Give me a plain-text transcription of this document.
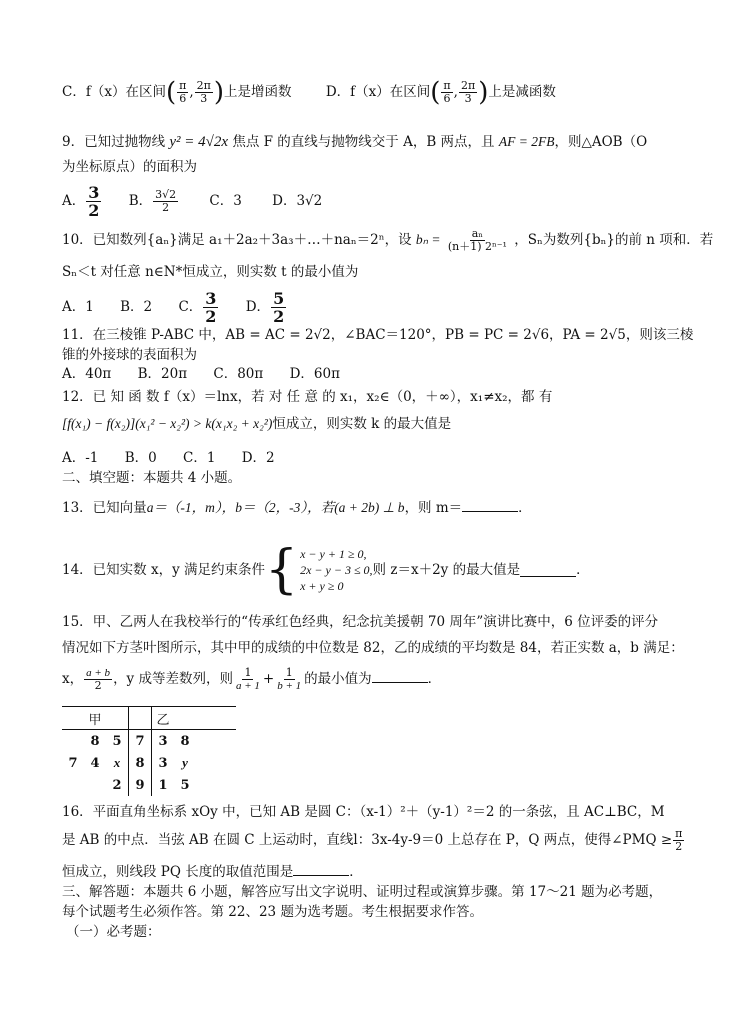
C．f（x）在区间( $\frac{\pi}{6}$ , $\frac{2\pi}{3}$ )上是增函数	D．f（x）在区间( $\frac{\pi}{6}$ , $\frac{2\pi}{3}$ )上是减函数
9．已知过抛物线 y² = 4√2x 焦点 F 的直线与抛物线交于 A，B 两点，且 AF = 2FB，则△AOB（O
为坐标原点）的面积为
A． $\frac{3}{2}$ B． $\frac{3√2}{2}$ C．3 D．3√2
10．已知数列{aₙ}满足 a₁＋2a₂＋3a₃＋…＋naₙ＝2ⁿ，设 $b_n = \frac{\text{aₙ}}{\text{(n＋1) 2ⁿ⁻¹}}$ ，Sₙ为数列{bₙ}的前 n 项和．若
Sₙ＜t 对任意 n∈N*恒成立，则实数 t 的最小值为
A．1 B．2 C． $\frac{3}{2}$ D． $\frac{5}{2}$
11．在三棱锥 P-ABC 中，AB = AC = 2√2，∠BAC＝120°，PB = PC = 2√6，PA = 2√5，则该三棱
锥的外接球的表面积为
A．40π B．20π C．80π D．60π
12．已 知 函 数 f（x）＝lnx，若 对 任 意 的 x₁，x₂∈（0，＋∞），x₁≠x₂，都 有
[f(x₁) − f(x₂)](x₁² − x₂²) > k(x₁x₂ + x₂²)恒成立，则实数 k 的最大值是
A．-1 B．0 C．1 D．2
二、填空题：本题共 4 小题。
13．已知向量a＝（-1，m），b＝（2，-3），若(a + 2b) ⊥ b，则 m＝	．
14．已知实数 x，y 满足约束条件 { x − y + 1 ≥ 0,
2x − y − 3 ≤ 0,
x + y ≥ 0
则 z＝x＋2y 的最大值是	．
15．甲、乙两人在我校举行的“传承红色经典，纪念抗美援朝 70 周年”演讲比赛中，6 位评委的评分
情况如下方茎叶图所示，其中甲的成绩的中位数是 82，乙的成绩的平均数是 84，若正实数 a，b 满足：
x， $\frac{a + b}{2}$ ，y 成等差数列，则 $\frac{1}{a + 1} + \frac{1}{b + 1}$ 的最小值为	．
	甲			乙		
	8	5	7	3	8	
7	4	x	8	3	y	
		2	9	1	5	
16．平面直角坐标系 xOy 中，已知 AB 是圆 C：（x-1）²＋（y-1）²＝2 的一条弦，且 AC⊥BC，M
是 AB 的中点．当弦 AB 在圆 C 上运动时，直线l：3x-4y-9＝0 上总存在 P，Q 两点，使得∠PMQ ≥ $\frac{\pi}{2}$
恒成立，则线段 PQ 长度的取值范围是	．
三、解答题：本题共 6 小题，解答应写出文字说明、证明过程或演算步骤。第 17～21 题为必考题，
每个试题考生必须作答。第 22、23 题为选考题。考生根据要求作答。
（一）必考题：
